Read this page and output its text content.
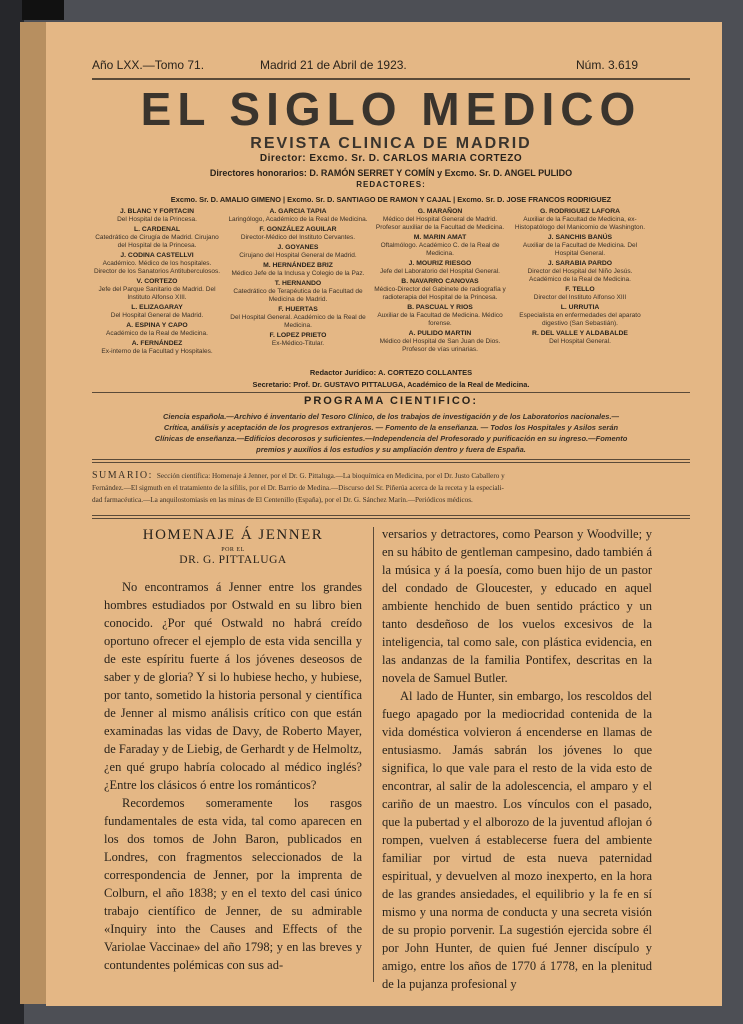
Año LXX.—Tomo 71.	Madrid 21 de Abril de 1923.	Núm. 3.619
EL SIGLO MEDICO
REVISTA CLINICA DE MADRID
Director: Excmo. Sr. D. CARLOS MARIA CORTEZO
Directores honorarios: D. RAMÓN SERRET Y COMÍN y Excmo. Sr. D. ANGEL PULIDO
REDACTORES:
Excmo. Sr. D. AMALIO GIMENO | Excmo. Sr. D. SANTIAGO DE RAMON Y CAJAL | Excmo. Sr. D. JOSE FRANCOS RODRIGUEZ
J. BLANC Y FORTACIN
Del Hospital de la Princesa.
L. CARDENAL
Catedrático de Cirugía de Madrid. Cirujano del Hospital de la Princesa.
J. CODINA CASTELLVI
Académico. Médico de los hospitales. Director de los Sanatorios Antituberculosos.
V. CORTEZO
Jefe del Parque Sanitario de Madrid. Del Instituto Alfonso XIII.
L. ELIZAGARAY
Del Hospital General de Madrid.
A. ESPINA Y CAPO
Académico de la Real de Medicina.
A. FERNÁNDEZ
Ex-interno de la Facultad y Hospitales.
A. GARCIA TAPIA
Laringólogo, Académico de la Real de Medicina.
F. GONZÁLEZ AGUILAR
Director-Médico del Instituto Cervantes.
J. GOYANES
Cirujano del Hospital General de Madrid.
M. HERNÁNDEZ BRIZ
Médico Jefe de la Inclusa y Colegio de la Paz.
T. HERNANDO
Catedrático de Terapéutica de la Facultad de Medicina de Madrid.
F. HUERTAS
Del Hospital General. Académico de la Real de Medicina.
F. LOPEZ PRIETO
Ex-Médico-Titular.
G. MARAÑON
Médico del Hospital General de Madrid. Profesor auxiliar de la Facultad de Medicina.
M. MARIN AMAT
Oftalmólogo. Académico C. de la Real de Medicina.
J. MOURIZ RIESGO
Jefe del Laboratorio del Hospital General.
B. NAVARRO CANOVAS
Médico-Director del Gabinete de radiografía y radioterapia del Hospital de la Princesa.
B. PASCUAL Y RIOS
Auxiliar de la Facultad de Medicina. Médico forense.
A. PULIDO MARTIN
Médico del Hospital de San Juan de Dios. Profesor de vías urinarias.
G. RODRIGUEZ LAFORA
Auxiliar de la Facultad de Medicina, ex-Histopatólogo del Manicomio de Washington.
J. SANCHIS BANÚS
Auxiliar de la Facultad de Medicina. Del Hospital General.
J. SARABIA PARDO
Director del Hospital del Niño Jesús. Académico de la Real de Medicina.
F. TELLO
Director del Instituto Alfonso XIII
L. URRUTIA
Especialista en enfermedades del aparato digestivo (San Sebastián).
R. DEL VALLE Y ALDABALDE
Del Hospital General.
Redactor Jurídico: A. CORTEZO COLLANTES
Secretario: Prof. Dr. GUSTAVO PITTALUGA, Académico de la Real de Medicina.
PROGRAMA CIENTIFICO:
Ciencia española.—Archivo é inventario del Tesoro Clínico, de los trabajos de investigación y de los Laboratorios nacionales.—
Crítica, análisis y aceptación de los progresos extranjeros. — Fomento de la enseñanza. — Todos los Hospitales y Asilos serán
Clínicas de enseñanza.—Edificios decorosos y suficientes.—Independencia del Profesorado y purificación en su ingreso.—Fomento
premios y auxilios á los estudios y su ampliación dentro y fuera de España.
SUMARIO: Sección científica: Homenaje á Jenner, por el Dr. G. Pittaluga.—La bioquímica en Medicina, por el Dr. Justo Caballero y
Fernández.—El sigmuth en el tratamiento de la sífilis, por el Dr. Barrio de Medina.—Discurso del Sr. Piñerúa acerca de la receta y la especiali-
dad farmacéutica.—La anquilostomiasis en las minas de El Centenillo (España), por el Dr. G. Sánchez Marín.—Periódicos médicos.
HOMENAJE Á JENNER
POR EL
DR. G. PITTALUGA

No encontramos á Jenner entre los grandes hombres estudiados por Ostwald en su libro bien conocido. ¿Por qué Ostwald no habrá creído oportuno ofrecer el ejemplo de esta vida sencilla y de este espíritu fuerte á los jóvenes deseosos de saber y de gloria? Y si lo hubiese hecho, y hubiese, por tanto, sometido la historia personal y científica de Jenner al mismo análisis crítico con que están examinadas las vidas de Davy, de Roberto Mayer, de Faraday y de Liebig, de Gerhardt y de Helmoltz, ¿en qué grupo habría colocado al médico inglés? ¿Entre los clásicos ó entre los románticos?

Recordemos someramente los rasgos fundamentales de esta vida, tal como aparecen en los dos tomos de John Baron, publicados en Londres, con fragmentos seleccionados de la correspondencia de Jenner, por la imprenta de Colburn, el año 1838; y en el texto del casi único trabajo científico de Jenner, de su admirable «Inquiry into the Causes and Effects of the Variolae Vaccinae» del año 1798; y en las breves y contundentes polémicas con sus ad-

versarios y detractores, como Pearson y Woodville; y en su hábito de gentleman campesino, dado también á la música y á la poesía, como buen hijo de un pastor del condado de Gloucester, y educado en aquel ambiente henchido de buen sentido práctico y un tanto desdeñoso de los vuelos excesivos de la inteligencia, tal como sale, con plástica evidencia, en las andanzas de la familia Pontifex, descritas en la novela de Samuel Butler.

Al lado de Hunter, sin embargo, los rescoldos del fuego apagado por la mediocridad contenida de la vida doméstica volvieron á encenderse en llamas de entusiasmo. Jamás sabrán los jóvenes lo que significa, lo que vale para el resto de la vida esto de encontrar, al salir de la adolescencia, el amparo y el cariño de un maestro. Los vínculos con el pasado, que la pubertad y el alborozo de la juventud aflojan ó rompen, vuelven á establecerse fuera del ambiente familiar por virtud de esta nueva paternidad espiritual, y devuelven al mozo inexperto, en la hora de las grandes ansiedades, el equilibrio y la fe en sí mismo y una norma de conducta y una secreta visión de su propio porvenir. La sugestión ejercida sobre él por John Hunter, de quien fué Jenner discípulo y amigo, entre los años de 1770 á 1778, en la plenitud de la pujanza profesional y
